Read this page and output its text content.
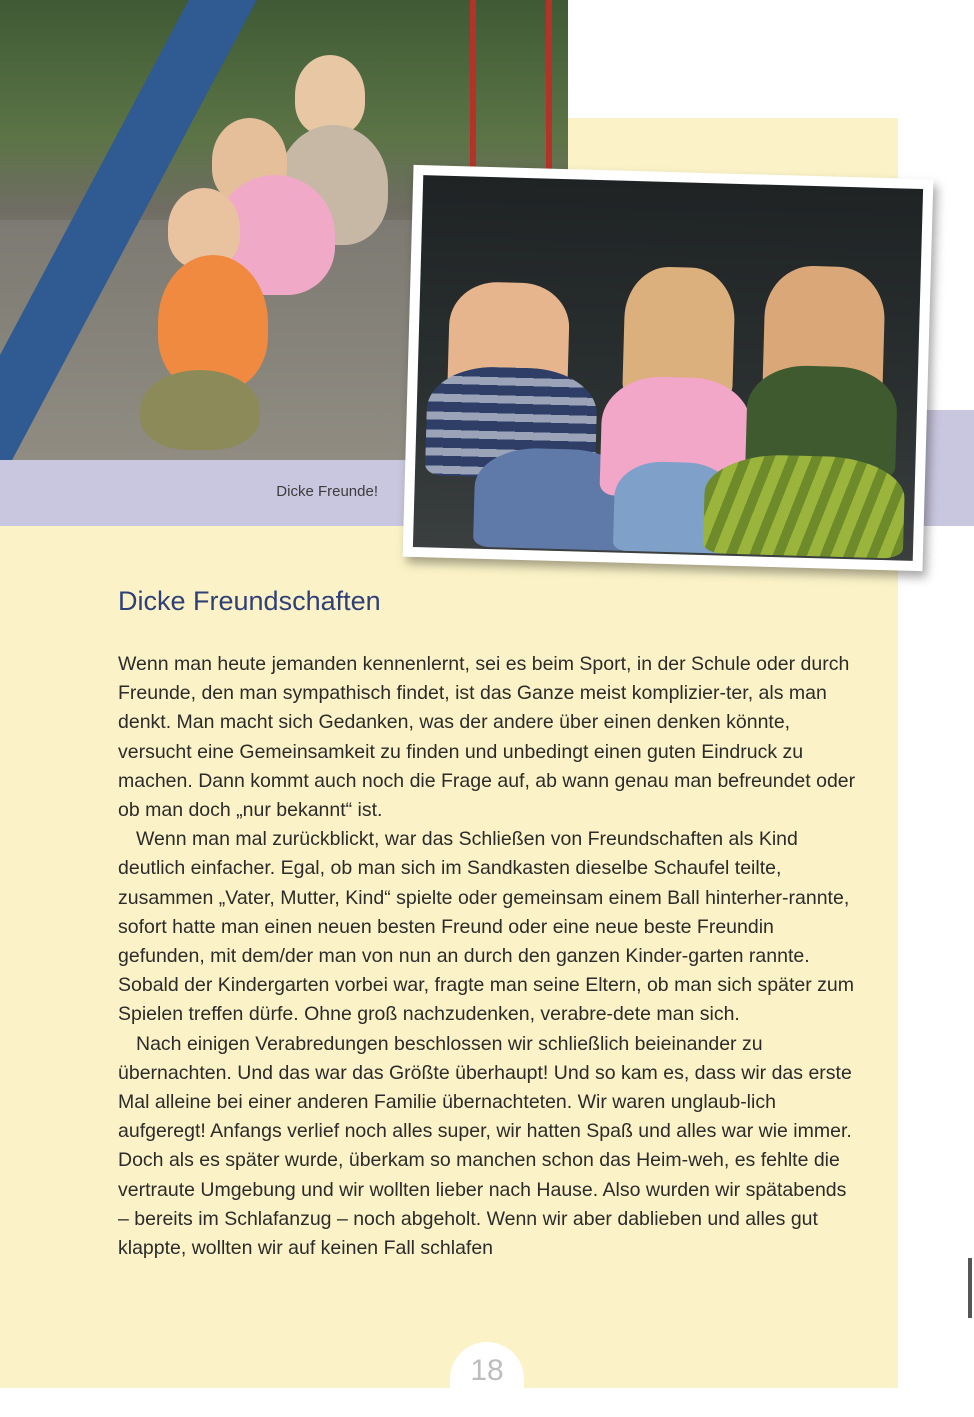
Dicke Freunde!
Dicke Freundschaften

Wenn man heute jemanden kennenlernt, sei es beim Sport, in der Schule oder durch Freunde, den man sympathisch findet, ist das Ganze meist komplizier-ter, als man denkt. Man macht sich Gedanken, was der andere über einen denken könnte, versucht eine Gemeinsamkeit zu finden und unbedingt einen guten Eindruck zu machen. Dann kommt auch noch die Frage auf, ab wann genau man befreundet oder ob man doch „nur bekannt“ ist.

Wenn man mal zurückblickt, war das Schließen von Freundschaften als Kind deutlich einfacher. Egal, ob man sich im Sandkasten dieselbe Schaufel teilte, zusammen „Vater, Mutter, Kind“ spielte oder gemeinsam einem Ball hinterher-rannte, sofort hatte man einen neuen besten Freund oder eine neue beste Freundin gefunden, mit dem/der man von nun an durch den ganzen Kinder-garten rannte. Sobald der Kindergarten vorbei war, fragte man seine Eltern, ob man sich später zum Spielen treffen dürfe. Ohne groß nachzudenken, verabre-dete man sich.

Nach einigen Verabredungen beschlossen wir schließlich beieinander zu übernachten. Und das war das Größte überhaupt! Und so kam es, dass wir das erste Mal alleine bei einer anderen Familie übernachteten. Wir waren unglaub-lich aufgeregt! Anfangs verlief noch alles super, wir hatten Spaß und alles war wie immer. Doch als es später wurde, überkam so manchen schon das Heim-weh, es fehlte die vertraute Umgebung und wir wollten lieber nach Hause. Also wurden wir spätabends – bereits im Schlafanzug – noch abgeholt. Wenn wir aber dablieben und alles gut klappte, wollten wir auf keinen Fall schlafen

18
